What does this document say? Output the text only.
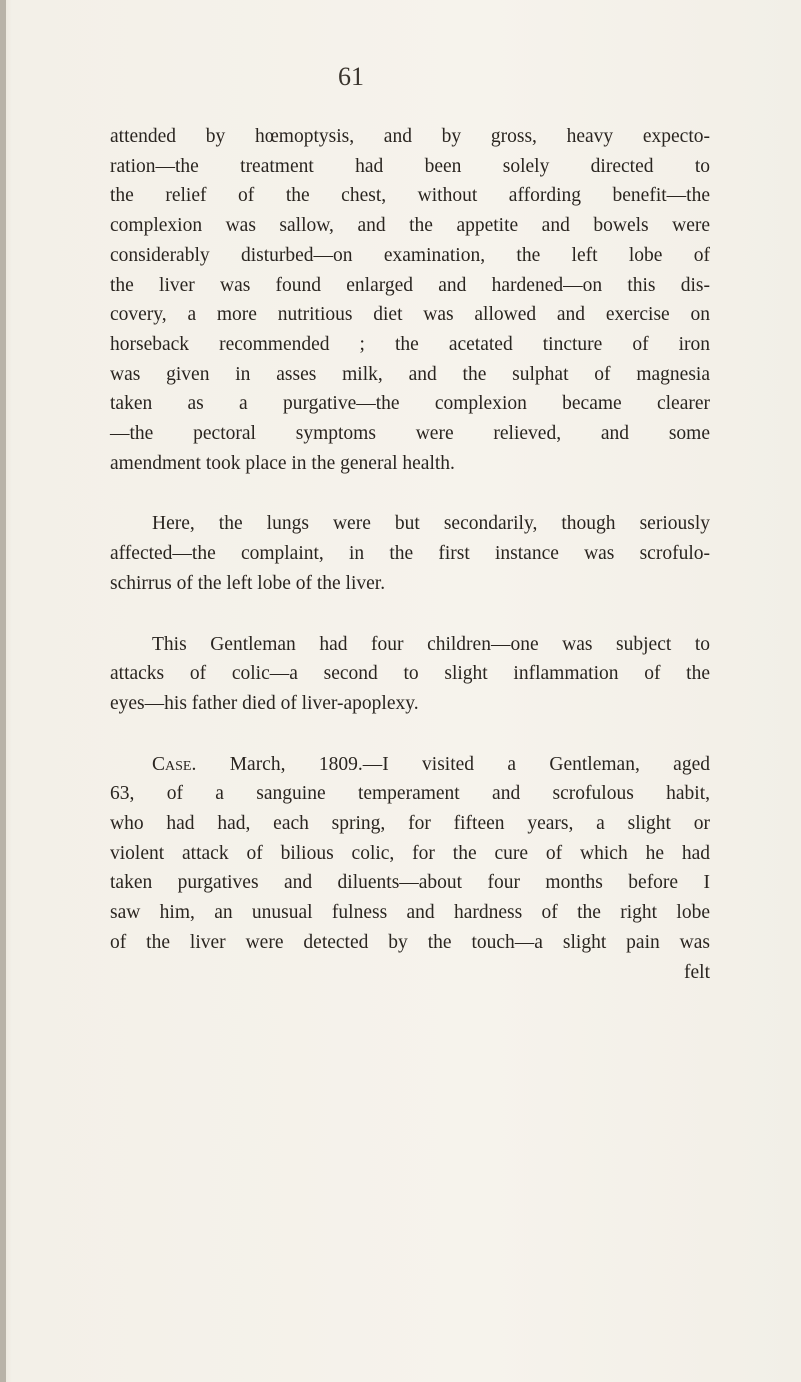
61

attended by hœmoptysis, and by gross, heavy expecto-
ration—the treatment had been solely directed to
the relief of the chest, without affording benefit—the
complexion was sallow, and the appetite and bowels were
considerably disturbed—on examination, the left lobe of
the liver was found enlarged and hardened—on this dis-
covery, a more nutritious diet was allowed and exercise on
horseback recommended ; the acetated tincture of iron
was given in asses milk, and the sulphat of magnesia
taken as a purgative—the complexion became clearer
—the pectoral symptoms were relieved, and some
amendment took place in the general health.

Here, the lungs were but secondarily, though seriously
affected—the complaint, in the first instance was scrofulo-
schirrus of the left lobe of the liver.

This Gentleman had four children—one was subject to
attacks of colic—a second to slight inflammation of the
eyes—his father died of liver-apoplexy.

Case. March, 1809.—I visited a Gentleman, aged
63, of a sanguine temperament and scrofulous habit,
who had had, each spring, for fifteen years, a slight or
violent attack of bilious colic, for the cure of which he had
taken purgatives and diluents—about four months before I
saw him, an unusual fulness and hardness of the right lobe
of the liver were detected by the touch—a slight pain was
felt
